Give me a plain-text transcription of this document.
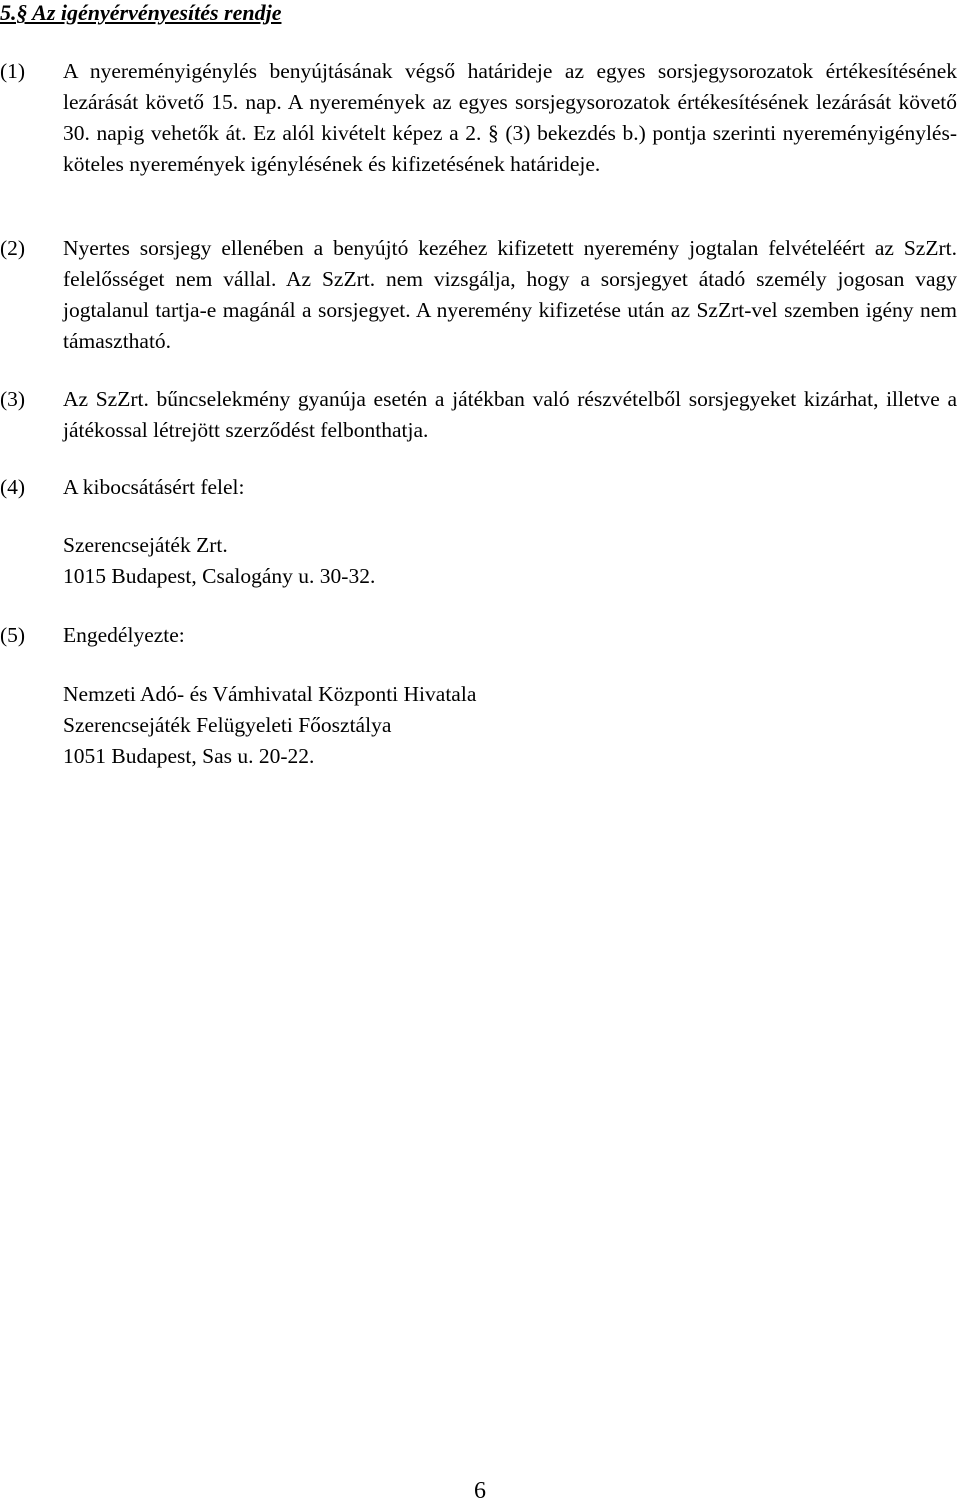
5.§ Az igényérvényesítés rendje
(1) A nyereményigénylés benyújtásának végső határideje az egyes sorsjegysorozatok értékesítésének lezárását követő 15. nap. A nyeremények az egyes sorsjegysorozatok értékesítésének lezárását követő 30. napig vehetők át. Ez alól kivételt képez a 2. § (3) bekezdés b.) pontja szerinti nyereményigénylés-köteles nyeremények igénylésének és kifizetésének határideje.
(2) Nyertes sorsjegy ellenében a benyújtó kezéhez kifizetett nyeremény jogtalan felvételéért az SzZrt. felelősséget nem vállal. Az SzZrt. nem vizsgálja, hogy a sorsjegyet átadó személy jogosan vagy jogtalanul tartja-e magánál a sorsjegyet. A nyeremény kifizetése után az SzZrt-vel szemben igény nem támasztható.
(3) Az SzZrt. bűncselekmény gyanúja esetén a játékban való részvételből sorsjegyeket kizárhat, illetve a játékossal létrejött szerződést felbonthatja.
(4) A kibocsátásért felel:
Szerencsejáték Zrt.
1015 Budapest, Csalogány u. 30-32.
(5) Engedélyezte:
Nemzeti Adó- és Vámhivatal Központi Hivatala
Szerencsejáték Felügyeleti Főosztálya
1051 Budapest, Sas u. 20-22.
6
